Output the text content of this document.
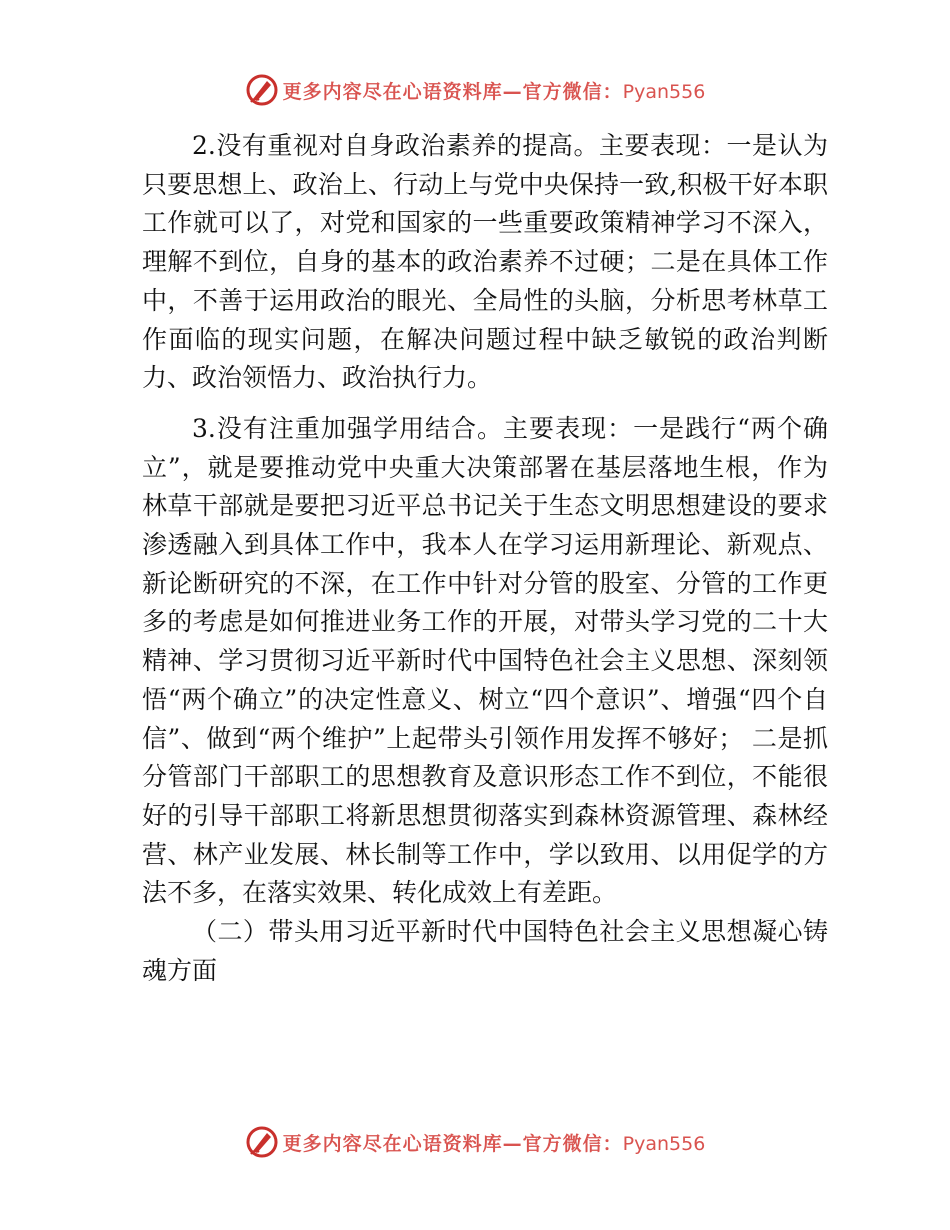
更多内容尽在心语资料库—官方微信：Pyan556

2.没有重视对自身政治素养的提高。主要表现：一是认为只要思想上、政治上、行动上与党中央保持一致,积极干好本职工作就可以了，对党和国家的一些重要政策精神学习不深入，理解不到位，自身的基本的政治素养不过硬；二是在具体工作中，不善于运用政治的眼光、全局性的头脑，分析思考林草工作面临的现实问题，在解决问题过程中缺乏敏锐的政治判断力、政治领悟力、政治执行力。

3.没有注重加强学用结合。主要表现：一是践行“两个确立”，就是要推动党中央重大决策部署在基层落地生根，作为林草干部就是要把习近平总书记关于生态文明思想建设的要求渗透融入到具体工作中，我本人在学习运用新理论、新观点、新论断研究的不深，在工作中针对分管的股室、分管的工作更多的考虑是如何推进业务工作的开展，对带头学习党的二十大精神、学习贯彻习近平新时代中国特色社会主义思想、深刻领悟“两个确立”的决定性意义、树立“四个意识”、增强“四个自信”、做到“两个维护”上起带头引领作用发挥不够好； 二是抓分管部门干部职工的思想教育及意识形态工作不到位，不能很好的引导干部职工将新思想贯彻落实到森林资源管理、森林经营、林产业发展、林长制等工作中，学以致用、以用促学的方法不多，在落实效果、转化成效上有差距。

（二）带头用习近平新时代中国特色社会主义思想凝心铸魂方面

更多内容尽在心语资料库—官方微信：Pyan556
